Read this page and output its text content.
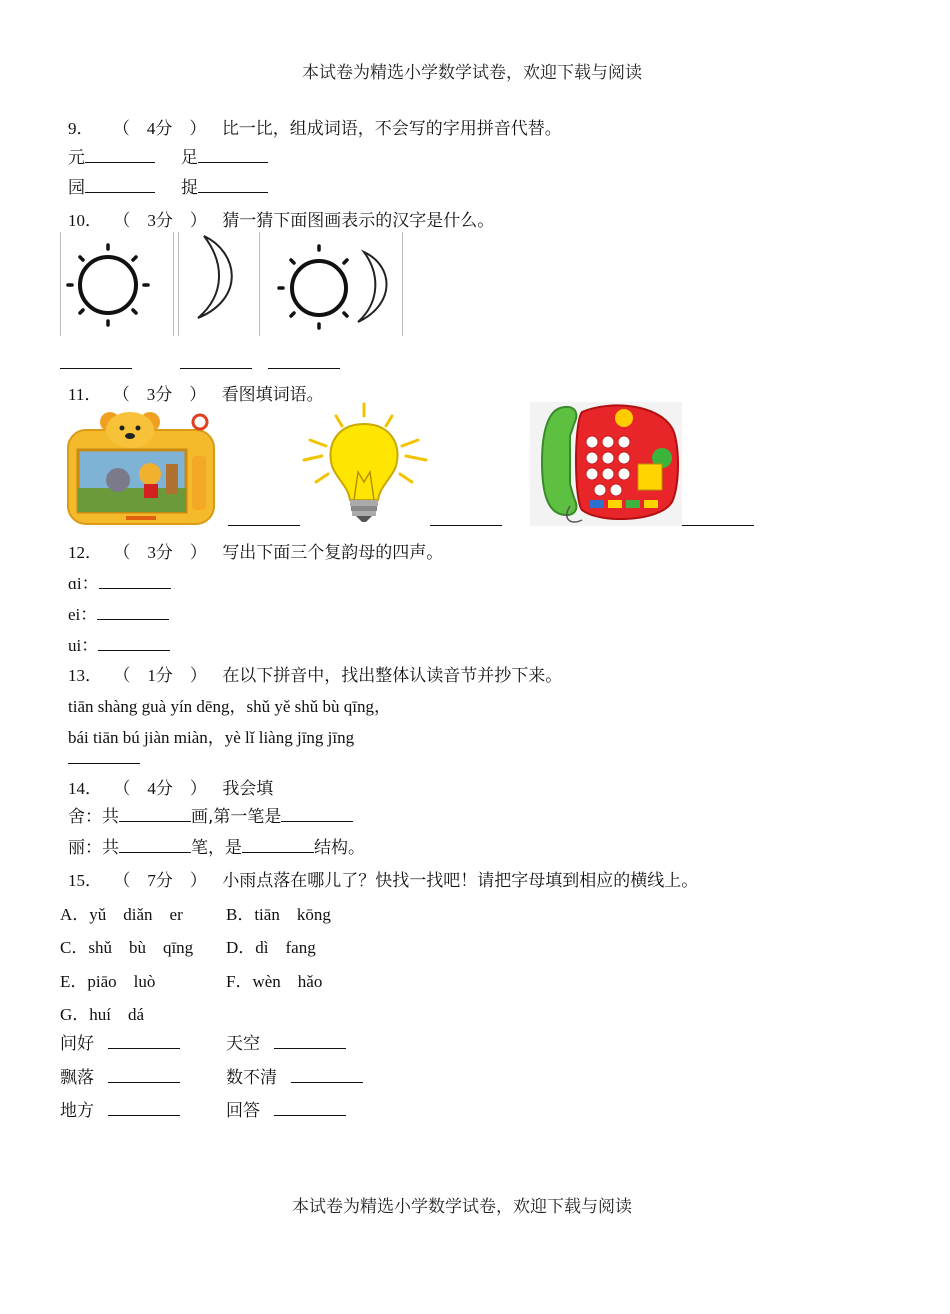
本试卷为精选小学数学试卷，欢迎下载与阅读
9． （　4分　） 比一比，组成词语，不会写的字用拼音代替。
元	足
园	捉
10． （　3分　） 猜一猜下面图画表示的汉字是什么。
11． （　3分　） 看图填词语。
12． （　3分　） 写出下面三个复韵母的四声。
ɑi：
ei：
ui：
13． （　1分　） 在以下拼音中，找出整体认读音节并抄下来。
tiān shàng guà yín dēng，shǔ yě shǔ bù qīng，
bái tiān bú jiàn miàn，yè lǐ liàng jīng jīng
14． （　4分　） 我会填
舍：共	画,第一笔是
丽：共	笔，是	结构。
15． （　7分　） 小雨点落在哪儿了？快找一找吧！请把字母填到相应的横线上。
A．yǔ　diǎn　er	B．tiān　kōng
C．shǔ　bù　qīng D．dì　fang
E．piāo　luò	F．wèn　hǎo
G．huí　dá
问好	天空
飘落	数不清
地方	回答
本试卷为精选小学数学试卷，欢迎下载与阅读
